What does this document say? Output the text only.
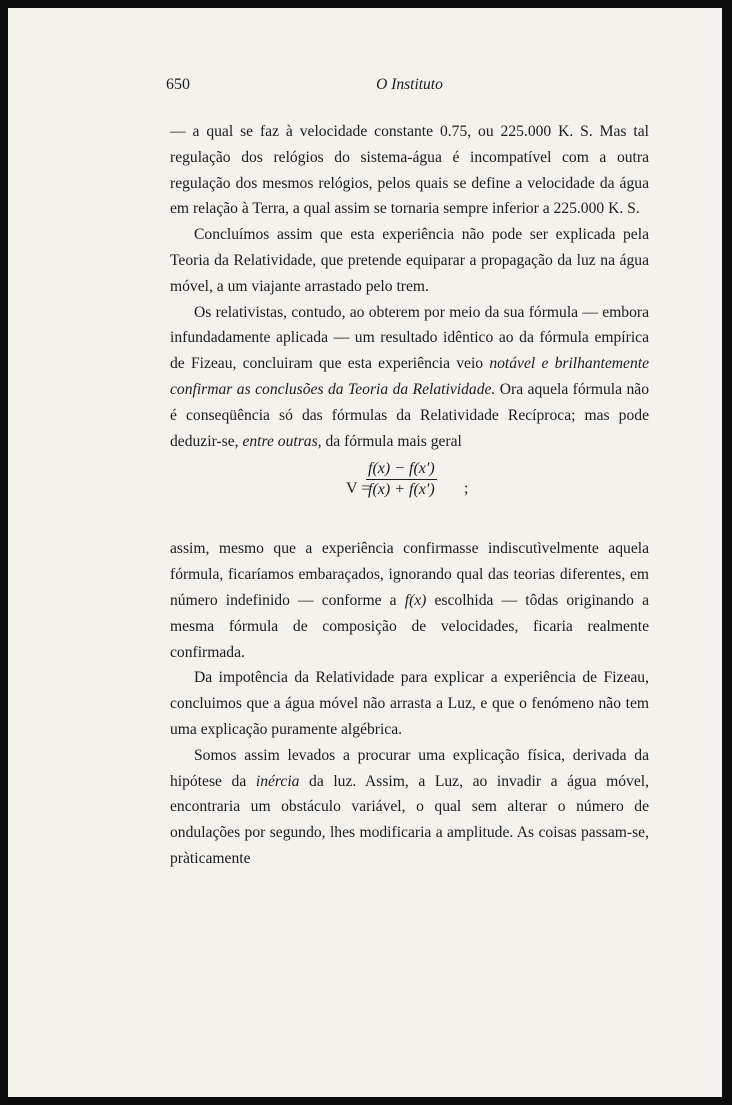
650	O Instituto

— a qual se faz à velocidade constante 0.75, ou 225.000 K. S. Mas tal regulação dos relógios do sistema-água é incompatível com a outra regulação dos mesmos relógios, pelos quais se define a velocidade da água em relação à Terra, a qual assim se tornaria sempre inferior a 225.000 K. S.

Concluímos assim que esta experiência não pode ser explicada pela Teoria da Relatividade, que pretende equiparar a propagação da luz na água móvel, a um viajante arrastado pelo trem.

Os relativistas, contudo, ao obterem por meio da sua fórmula — embora infundadamente aplicada — um resultado idêntico ao da fórmula empírica de Fizeau, concluiram que esta experiência veio notável e brilhantemente confirmar as conclusões da Teoria da Relatividade. Ora aquela fórmula não é conseqüência só das fórmulas da Relatividade Recíproca; mas pode deduzir-se, entre outras, da fórmula mais geral

V =
f(x) − f(x′)
f(x) + f(x′) ;

assim, mesmo que a experiência confirmasse indiscutìvelmente aquela fórmula, ficaríamos embaraçados, ignorando qual das teorias diferentes, em número indefinido — conforme a f(x) escolhida — tôdas originando a mesma fórmula de composição de velocidades, ficaria realmente confirmada.

Da impotência da Relatividade para explicar a experiência de Fizeau, concluimos que a água móvel não arrasta a Luz, e que o fenómeno não tem uma explicação puramente algébrica.

Somos assim levados a procurar uma explicação física, derivada da hipótese da inércia da luz. Assim, a Luz, ao invadir a água móvel, encontraria um obstáculo variável, o qual sem alterar o número de ondulações por segundo, lhes modificaria a amplitude. As coisas passam-se, pràticamente
